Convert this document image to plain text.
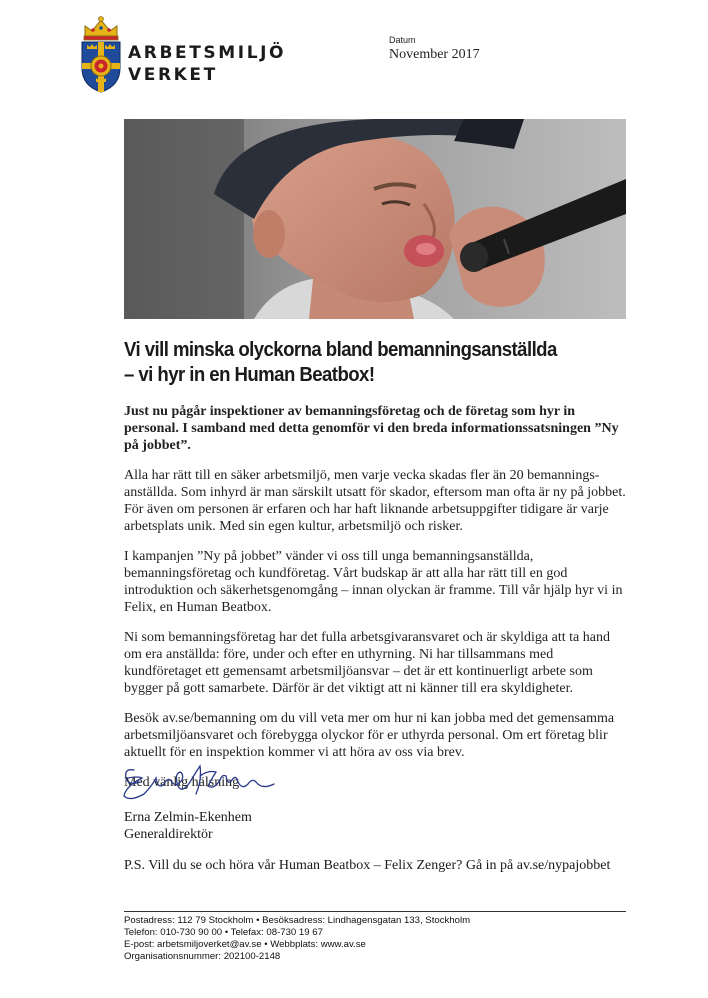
ARBETSMILJÖ
VERKET
Datum
November 2017
Vi vill minska olyckorna bland bemanningsanställda
– vi hyr in en Human Beatbox!

Just nu pågår inspektioner av bemanningsföretag och de företag som hyr in personal. I samband med detta genomför vi den breda informationssatsningen ”Ny på jobbet”.

Alla har rätt till en säker arbetsmiljö, men varje vecka skadas fler än 20 bemanningsanställda. Som inhyrd är man särskilt utsatt för skador, eftersom man ofta är ny på jobbet. För även om personen är erfaren och har haft liknande arbetsuppgifter tidigare är varje arbetsplats unik. Med sin egen kultur, arbetsmiljö och risker.

I kampanjen ”Ny på jobbet” vänder vi oss till unga bemanningsanställda, bemanningsföretag och kundföretag. Vårt budskap är att alla har rätt till en god introduktion och säkerhetsgenomgång – innan olyckan är framme. Till vår hjälp hyr vi in Felix, en Human Beatbox.

Ni som bemanningsföretag har det fulla arbetsgivaransvaret och är skyldiga att ta hand om era anställda: före, under och efter en uthyrning. Ni har tillsammans med kundföretaget ett gemensamt arbetsmiljöansvar – det är ett kontinuerligt arbete som bygger på gott samarbete. Därför är det viktigt att ni känner till era skyldigheter.

Besök av.se/bemanning om du vill veta mer om hur ni kan jobba med det gemensamma arbetsmiljöansvaret och förebygga olyckor för er uthyrda personal. Om ert företag blir aktuellt för en inspektion kommer vi att höra av oss via brev.

Med vänlig hälsning

Erna Zelmin-Ekenhem
Generaldirektör
P.S. Vill du se och höra vår Human Beatbox – Felix Zenger? Gå in på av.se/nypajobbet
Postadress: 112 79 Stockholm • Besöksadress: Lindhagensgatan 133, Stockholm
Telefon: 010-730 90 00 • Telefax: 08-730 19 67
E-post: arbetsmiljoverket@av.se • Webbplats: www.av.se
Organisationsnummer: 202100-2148
